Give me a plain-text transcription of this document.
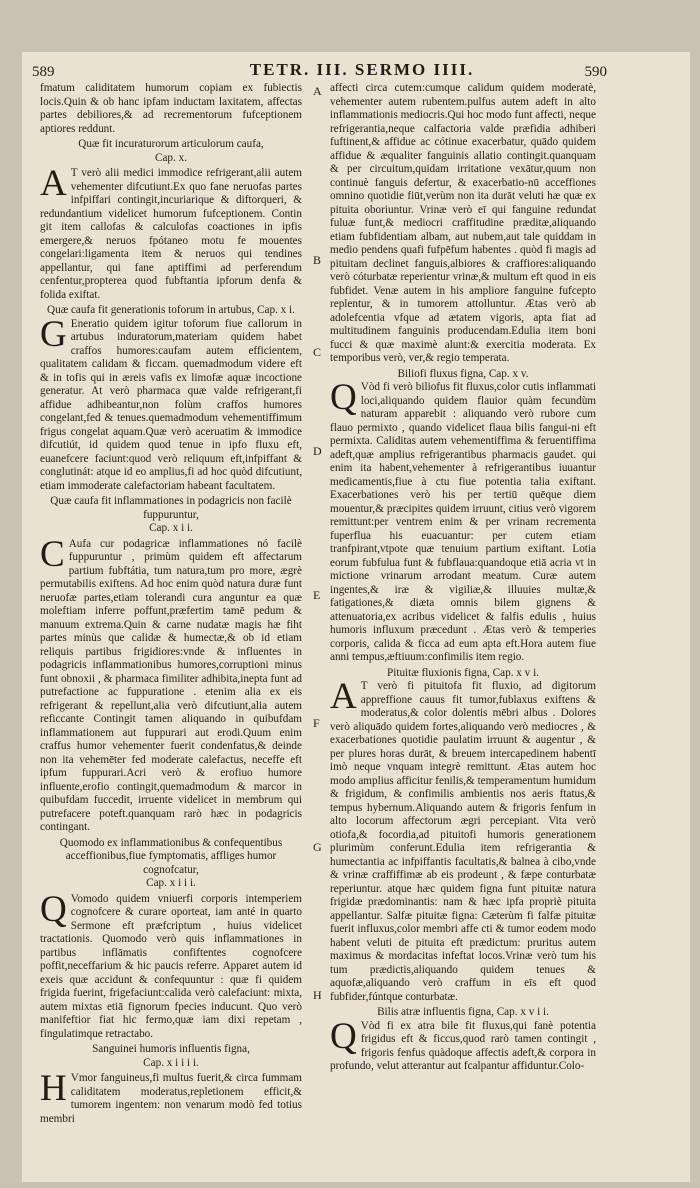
589	TETR. III. SERMO IIII.	590
A
B
C
D
E
F
G
H

fmatum caliditatem humorum copiam ex fubiectis locis.Quin & ob hanc ipfam inductam laxitatem, affectas partes debiliores,& ad recrementorum fufceptionem aptiores reddunt.

Quæ fit incuraturorum articulorum caufa,
Cap. x.

A T verò alii medici immodice refrigerant,alii autem vehementer difcutiunt.Ex quo fane neruofas partes infpiffari contingit,incuriarique & diftorqueri, & redundantium videlicet humorum fufceptionem. Contin git item callofas & calculofas coactiones in ipfis emergere,& neruos fpótaneo motu fe mouentes congelari:ligamenta item & neruos qui tendines appellantur, qui fane aptiffimi ad perferendum cenfentur,propterea quod fubftantia ipforum denfa & folida exiftat.

Quæ caufa fit generationis toforum in artubus, Cap. x i.

G Eneratio quidem igitur toforum fiue callorum in artubus induratorum,materiam quidem habet craffos humores:caufam autem efficientem, qualitatem calidam & ficcam. quemadmodum videre eft & in tofis qui in æreis vafis ex limofæ aquæ incoctione generatur. At verò pharmaca quæ valde refrigerant,fi affidue adhibeantur,non folùm craffos humores congelant,fed & tenues.quemadmodum vehementiffimum frigus congelat aquam.Quæ verò aceruatim & immodice difcutiút, id quidem quod tenue in ipfo fluxu eft, euanefcere faciunt:quod verò reliquum eft,infpiffant & conglutinát: atque id eo amplius,fi ad hoc quòd difcutiunt, etiam immoderate calefactoriam habeant facultatem.

Quæ caufa fit inflammationes in podagricis non facilè fuppuruntur,
Cap. x i i.

C Aufa cur podagricæ inflammationes nó facilè fuppuruntur , primùm quidem eft affectarum partium fubftátia, tum natura,tum pro more, ægrè permutabilis exiftens. Ad hoc enim quòd natura duræ funt neruofæ partes,etiam tolerandi cura anguntur ea quæ moleftiam inferre poffunt,præfertim tamē pedum & manuum extrema.Quin & carne nudatæ magis hæ fiht partes minùs que calidæ & humectæ,& ob id etiam reliquis partibus frigidiores:vnde & influentes in podagricis inflammationibus humores,corruptioni minus funt obnoxii , & pharmaca fimiliter adhibita,inepta funt ad putrefactione ac fuppuratione . etenim alia ex eis refrigerant & repellunt,alia verò difcutiunt,alia autem reficcante Contingit tamen aliquando in quibufdam inflammationem aut fuppurari aut erodi.Quum enim craffus humor vehementer fuerit condenfatus,& deinde non ita vehemēter fed moderate calefactus, neceffe eft ipfum fuppurari.Acri verò & erofiuo humore influente,erofio contingit,quemadmodum & marcor in quibufdam fuccedit, irruente videlicet in membrum qui putrefacere poteft.quanquam rarò hæc in podagricis contingant.

Quomodo ex inflammationibus & confequentibus acceffionibus,fiue fymptomatis, affliges humor cognofcatur,
Cap. x i i i.

Q Vomodo quidem vniuerfi corporis intemperiem cognofcere & curare oporteat, iam anté in quarto Sermone eft præfcriptum , huius videlicet tractationis. Quomodo verò quis inflammationes in partibus inflāmatis confiftentes cognofcere poffit,neceffarium & hic paucis referre. Apparet autem id exeis quæ accidunt & confequuntur : quæ fi quidem frigida fuerint, frigefaciunt:calida verò calefaciunt: mixta, autem mixtas etiā fignorum fpecies inducunt. Quo verò manifeftior fiat hic fermo,quæ iam dixi repetam , fingulatimque retractabo.

Sanguinei humoris influentis figna,
Cap. x i i i i.

H Vmor fanguineus,fi multus fuerit,& circa fummam caliditatem moderatus,repletionem efficit,& tumorem ingentem: non venarum modò fed totius membri

affecti circa cutem:cumque calidum quidem moderatè, vehementer autem rubentem.pulfus autem adeft in alto inflammationis mediocris.Qui hoc modo funt affecti, neque refrigerantia,neque calfactoria valde præfidia adhiberi fuftinent,& affidue ac cótinue exacerbatur, quādo quidem affidue & æqualiter fanguinis allatio contingit.quanquam & per circuitum,quidam irritatione vexātur,quum non continuè fanguis defertur, & exacerbatio-nū acceffiones omnino quotidie fiūt,verùm non ita durāt veluti hæ quæ ex pituita oboriuntur. Vrinæ verò eī qui fanguine redundat fuluæ funt,& mediocri craffitudine præditæ,aliquando etiam fubfidentiam albam, aut nubem,aut tale quiddam in medio pendens quafi fufpēfum habentes . quòd fi magis ad pituitam declinet fanguis,albiores & craffiores:aliquando verò cóturbatæ reperientur vrinæ,& multum eft quod in eis fubfidet. Venæ autem in his ampliore fanguine fufcepto replentur, & in tumorem attolluntur. Ætas verò ab adolefcentia vfque ad ætatem vigoris, apta fiat ad multitudinem fanguinis producendam.Edulia item boni fucci & quæ maximè alunt:& exercitia moderata. Ex temporibus verò, ver,& regio temperata.

Biliofi fluxus figna, Cap. x v.

Q Vòd fi verò biliofus fit fluxus,color cutis inflammati loci,aliquando quidem flauior quàm fecundùm naturam apparebit : aliquando verò rubore cum flauo permixto , quando videlicet flaua bilis fangui-ni eft permixta. Caliditas autem vehementiffima & feruentiffima adeft,quæ amplius refrigerantibus pharmacis gaudet. qui enim ita habent,vehementer à refrigerantibus iuuantur medicamentis,fiue à ctu fiue potentia talia exiftant. Exacerbationes verò his per tertiū quēque diem mouentur,& præcipites quidem irruunt, citius verò vigorem remittunt:per ventrem enim & per vrinam recrementa fuperflua his euacuantur: per cutem etiam tranfpirant,vtpote quæ tenuium partium exiftant. Lotia eorum fubfulua funt & fubflaua:quandoque etiā acria vt in mictione vrinarum arrodant meatum. Curæ autem ingentes,& iræ & vigiliæ,& illuuies multæ,& fatigationes,& diæta omnis bilem gignens & attenuatoria,ex acribus videlicet & falfis edulis , huius humoris influxum præcedunt . Ætas verò & temperies corporis, calida & ficca ad eum apta eft.Hora autem fiue anni tempus,æftiuum:confimilis item regio.

Pituitæ fluxionis figna, Cap. x v i.

A T verò fi pituitofa fit fluxio, ad digitorum appreffione cauus fit tumor,fublaxus exiftens & moderatus,& color dolentis mēbri albus . Dolores verò aliquādo quidem fortes,aliquando verò mediocres , & exacerbationes quotidie paulatim irruunt & augentur , & per plures horas durāt, & breuem intercapedinem habentī imò neque vnquam integrè remittunt. Ætas autem hoc modo amplius afficitur fenilis,& temperamentum humidum & frigidum, & confimilis ambientis nos aeris ftatus,& tempus hybernum.Aliquando autem & frigoris fenfum in alto locorum affectorum ægri percepiant. Vita verò otiofa,& focordia,ad pituitofi humoris generationem plurimùm conferunt.Edulia item refrigerantia & humectantia ac infpiffantis facultatis,& balnea à cibo,vnde & vrinæ craffiffimæ ab eis prodeunt , & fæpe conturbatæ reperiuntur. atque hæc quidem figna funt pituitæ natura frigidæ prædominantis: nam & hæc ipfa propriè pituita appellantur. Salfæ pituitæ figna: Cæterùm fi falfæ pituitæ fuerit influxus,color membri affe cti & tumor eodem modo habent veluti de pituita eft prædictum: pruritus autem maximus & mordacitas infeftat locos.Vrinæ verò tum his tum prædictis,aliquando quidem tenues & aquofæ,aliquando verò craffum in eīs eft quod fubfider,fúntque conturbatæ.

Bilis atræ influentis figna, Cap. x v i i.

Q Vòd fi ex atra bile fit fluxus,qui fanè potentia frigidus eft & ficcus,quod rarò tamen contingit , frigoris fenfus quàdoque affectis adeft,& corpora in profundo, velut atterantur aut fcalpantur affiduntur.Colo-
